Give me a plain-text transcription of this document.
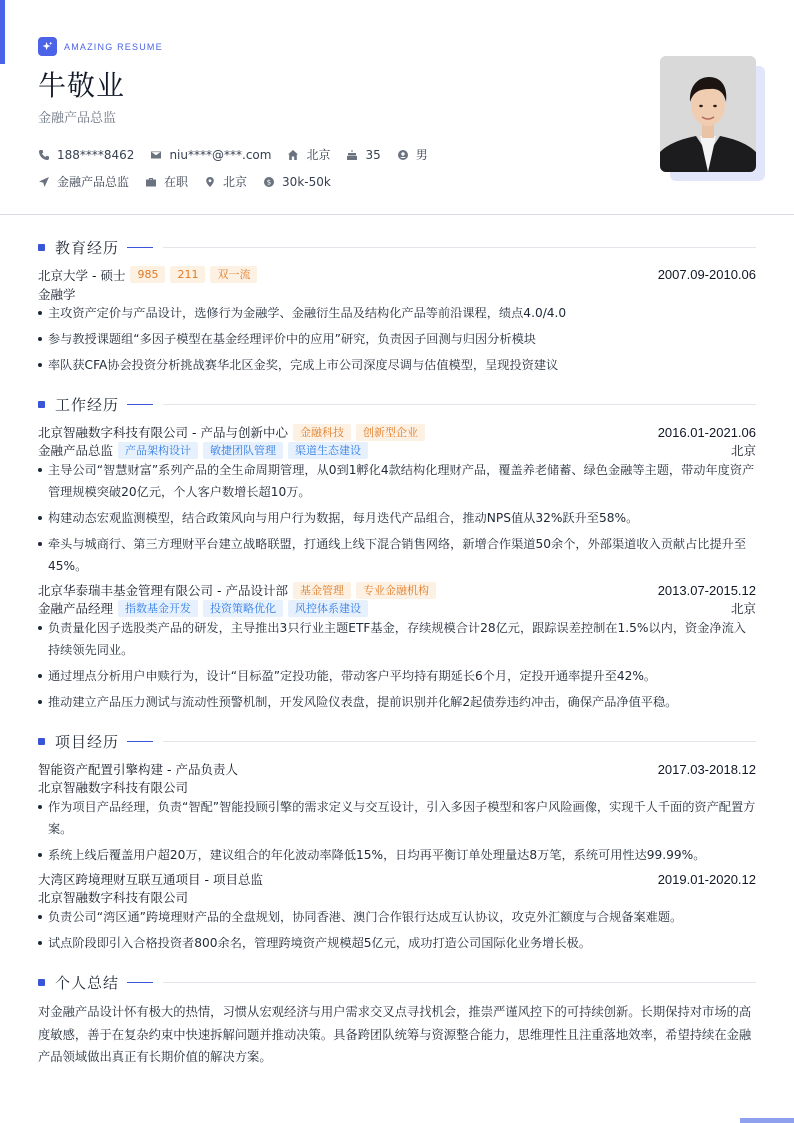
AMAZING RESUME
牛敬业
金融产品总监
188****8462	niu****@***.com	北京	35	男
金融产品总监	在职	北京	$ 30k-50k
教育经历
北京大学 - 硕士	985	211	双一流	2007.09-2010.06
金融学
主攻资产定价与产品设计，选修行为金融学、金融衍生品及结构化产品等前沿课程，绩点4.0/4.0
参与教授课题组“多因子模型在基金经理评价中的应用”研究，负责因子回测与归因分析模块
率队获CFA协会投资分析挑战赛华北区金奖，完成上市公司深度尽调与估值模型，呈现投资建议
工作经历
北京智融数字科技有限公司 - 产品与创新中心	金融科技	创新型企业	2016.01-2021.06
金融产品总监	产品架构设计	敏捷团队管理	渠道生态建设	北京
主导公司“智慧财富”系列产品的全生命周期管理，从0到1孵化4款结构化理财产品，覆盖养老储蓄、绿色金融等主题，带动年度资产管理规模突破20亿元，个人客户数增长超10万。
构建动态宏观监测模型，结合政策风向与用户行为数据，每月迭代产品组合，推动NPS值从32%跃升至58%。
牵头与城商行、第三方理财平台建立战略联盟，打通线上线下混合销售网络，新增合作渠道50余个，外部渠道收入贡献占比提升至45%。
北京华泰瑞丰基金管理有限公司 - 产品设计部	基金管理	专业金融机构	2013.07-2015.12
金融产品经理	指数基金开发	投资策略优化	风控体系建设	北京
负责量化因子选股类产品的研发，主导推出3只行业主题ETF基金，存续规模合计28亿元，跟踪误差控制在1.5%以内，资金净流入持续领先同业。
通过埋点分析用户申赎行为，设计“目标盈”定投功能，带动客户平均持有期延长6个月，定投开通率提升至42%。
推动建立产品压力测试与流动性预警机制，开发风险仪表盘，提前识别并化解2起债券违约冲击，确保产品净值平稳。
项目经历
智能资产配置引擎构建 - 产品负责人	2017.03-2018.12
北京智融数字科技有限公司
作为项目产品经理，负责“智配”智能投顾引擎的需求定义与交互设计，引入多因子模型和客户风险画像，实现千人千面的资产配置方案。
系统上线后覆盖用户超20万，建议组合的年化波动率降低15%，日均再平衡订单处理量达8万笔，系统可用性达99.99%。
大湾区跨境理财互联互通项目 - 项目总监	2019.01-2020.12
北京智融数字科技有限公司
负责公司“湾区通”跨境理财产品的全盘规划，协同香港、澳门合作银行达成互认协议，攻克外汇额度与合规备案难题。
试点阶段即引入合格投资者800余名，管理跨境资产规模超5亿元，成功打造公司国际化业务增长极。
个人总结
对金融产品设计怀有极大的热情，习惯从宏观经济与用户需求交叉点寻找机会，推崇严谨风控下的可持续创新。长期保持对市场的高度敏感，善于在复杂约束中快速拆解问题并推动决策。具备跨团队统筹与资源整合能力，思维理性且注重落地效率，希望持续在金融产品领域做出真正有长期价值的解决方案。
